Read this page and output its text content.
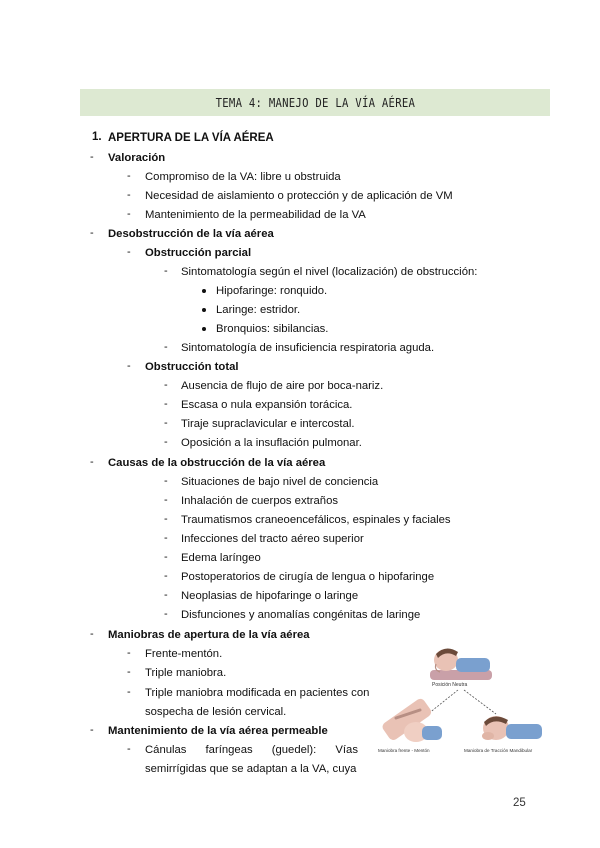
TEMA 4: MANEJO DE LA VÍA AÉREA
1. APERTURA DE LA VÍA AÉREA
- Valoración
- Compromiso de la VA: libre u obstruida
- Necesidad de aislamiento o protección y de aplicación de VM
- Mantenimiento de la permeabilidad de la VA
- Desobstrucción de la vía aérea
- Obstrucción parcial
- Sintomatología según el nivel (localización) de obstrucción:
Hipofaringe: ronquido.
Laringe: estridor.
Bronquios: sibilancias.
- Sintomatología de insuficiencia respiratoria aguda.
- Obstrucción total
- Ausencia de flujo de aire por boca-nariz.
- Escasa o nula expansión torácica.
- Tiraje supraclavicular e intercostal.
- Oposición a la insuflación pulmonar.
- Causas de la obstrucción de la vía aérea
- Situaciones de bajo nivel de conciencia
- Inhalación de cuerpos extraños
- Traumatismos craneoencefálicos, espinales y faciales
- Infecciones del tracto aéreo superior
- Edema laríngeo
- Postoperatorios de cirugía de lengua o hipofaringe
- Neoplasias de hipofaringe o laringe
- Disfunciones y anomalías congénitas de laringe
- Maniobras de apertura de la vía aérea
- Frente-mentón.
- Triple maniobra.
- Triple maniobra modificada en pacientes con
sospecha de lesión cervical.
- Mantenimiento de la vía aérea permeable
- Cánulas faríngeas (guedel): Vías
semirrígidas que se adaptan a la VA, cuya
Posición Neutra
Maniobra frente - Mentón	Maniobra de Tracción Mandibular
25
